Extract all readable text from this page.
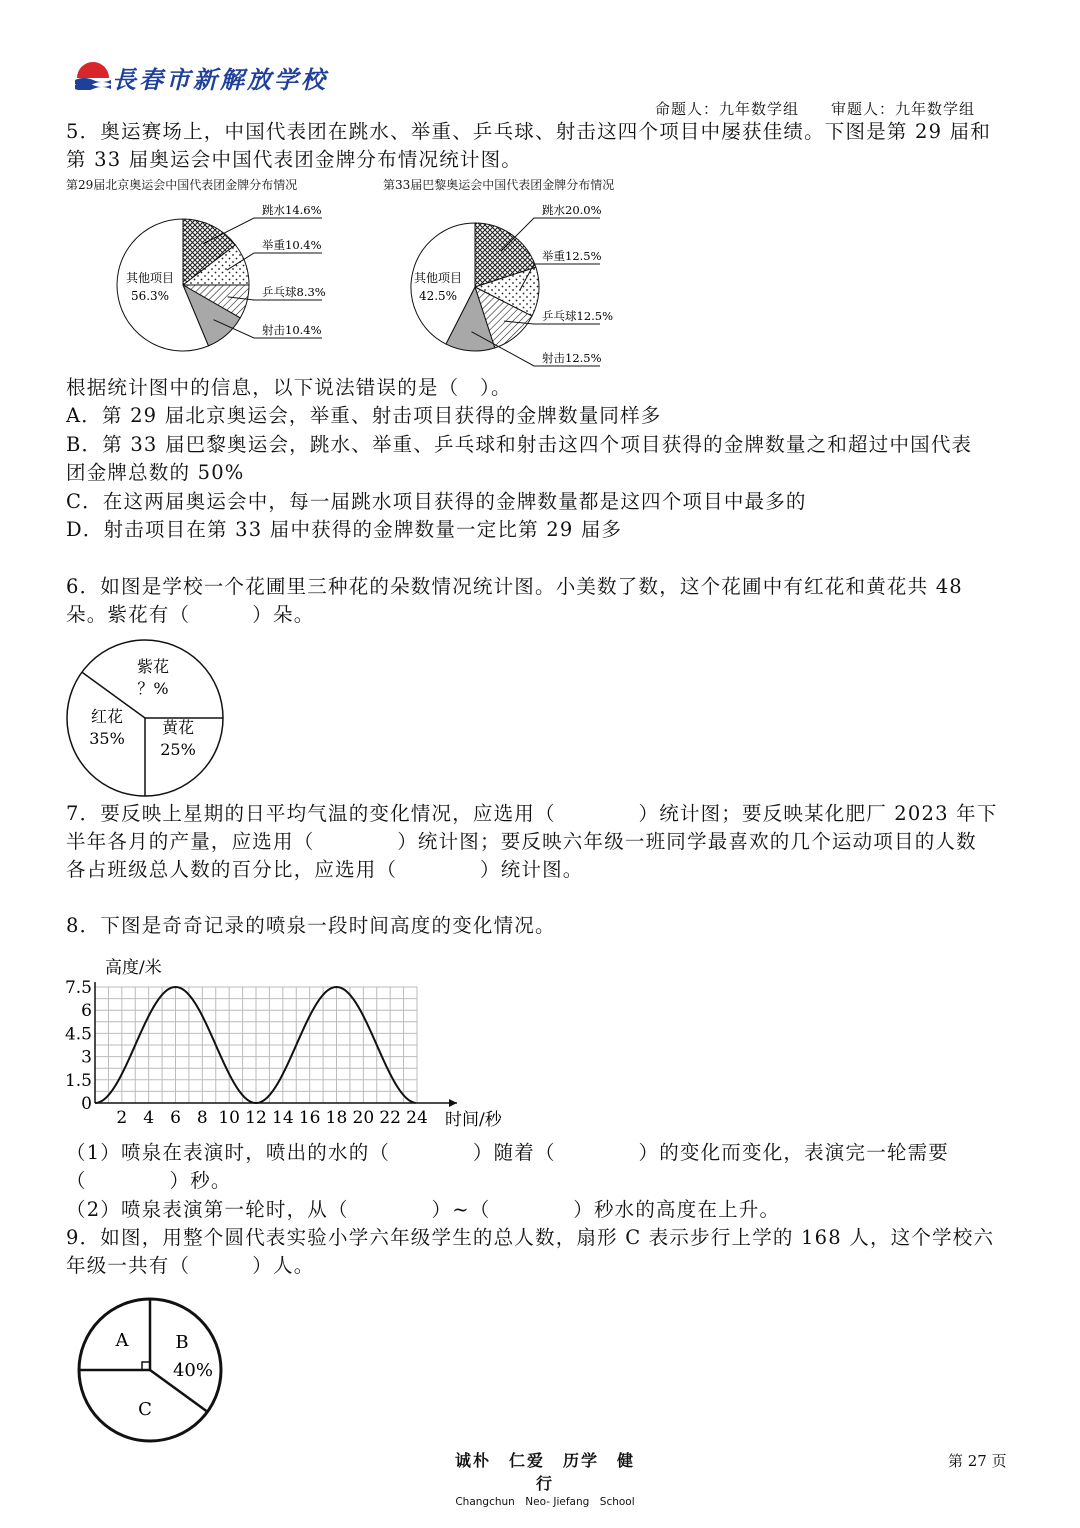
長春市新解放学校
命题人：九年数学组　　审题人：九年数学组
5．奥运赛场上，中国代表团在跳水、举重、乒乓球、射击这四个项目中屡获佳绩。下图是第 29 届和
第 33 届奥运会中国代表团金牌分布情况统计图。
第29届北京奥运会中国代表团金牌分布情况	第33届巴黎奥运会中国代表团金牌分布情况
跳水14.6%
举重10.4%
乒乓球8.3%
射击10.4%
其他项目
56.3%
跳水20.0%
举重12.5%
乒乓球12.5%
射击12.5%
其他项目
42.5%
根据统计图中的信息，以下说法错误的是（　）。
A．第 29 届北京奥运会，举重、射击项目获得的金牌数量同样多
B．第 33 届巴黎奥运会，跳水、举重、乒乓球和射击这四个项目获得的金牌数量之和超过中国代表
团金牌总数的 50%
C．在这两届奥运会中，每一届跳水项目获得的金牌数量都是这四个项目中最多的
D．射击项目在第 33 届中获得的金牌数量一定比第 29 届多
6．如图是学校一个花圃里三种花的朵数情况统计图。小美数了数，这个花圃中有红花和黄花共 48
朵。紫花有（　　　）朵。
紫花
？%
黄花
25%
红花
35%
7．要反映上星期的日平均气温的变化情况，应选用（　　　　）统计图；要反映某化肥厂 2023 年下
半年各月的产量，应选用（　　　　）统计图；要反映六年级一班同学最喜欢的几个运动项目的人数
各占班级总人数的百分比，应选用（　　　　）统计图。
8．下图是奇奇记录的喷泉一段时间高度的变化情况。
2 4 6 8 10 12 14 16 18 20 22 24
0
1.5
3
4.5
6
7.5
高度/米
时间/秒
（1）喷泉在表演时，喷出的水的（　　　　）随着（　　　　）的变化而变化，表演完一轮需要
（　　　　）秒。
（2）喷泉表演第一轮时，从（　　　　）~（　　　　）秒水的高度在上升。
9．如图，用整个圆代表实验小学六年级学生的总人数，扇形 C 表示步行上学的 168 人，这个学校六
年级一共有（　　　）人。
A	B
40%
C
诚朴　仁爱　历学　健行
Changchun　Neo- Jiefang　School
第 27 页
